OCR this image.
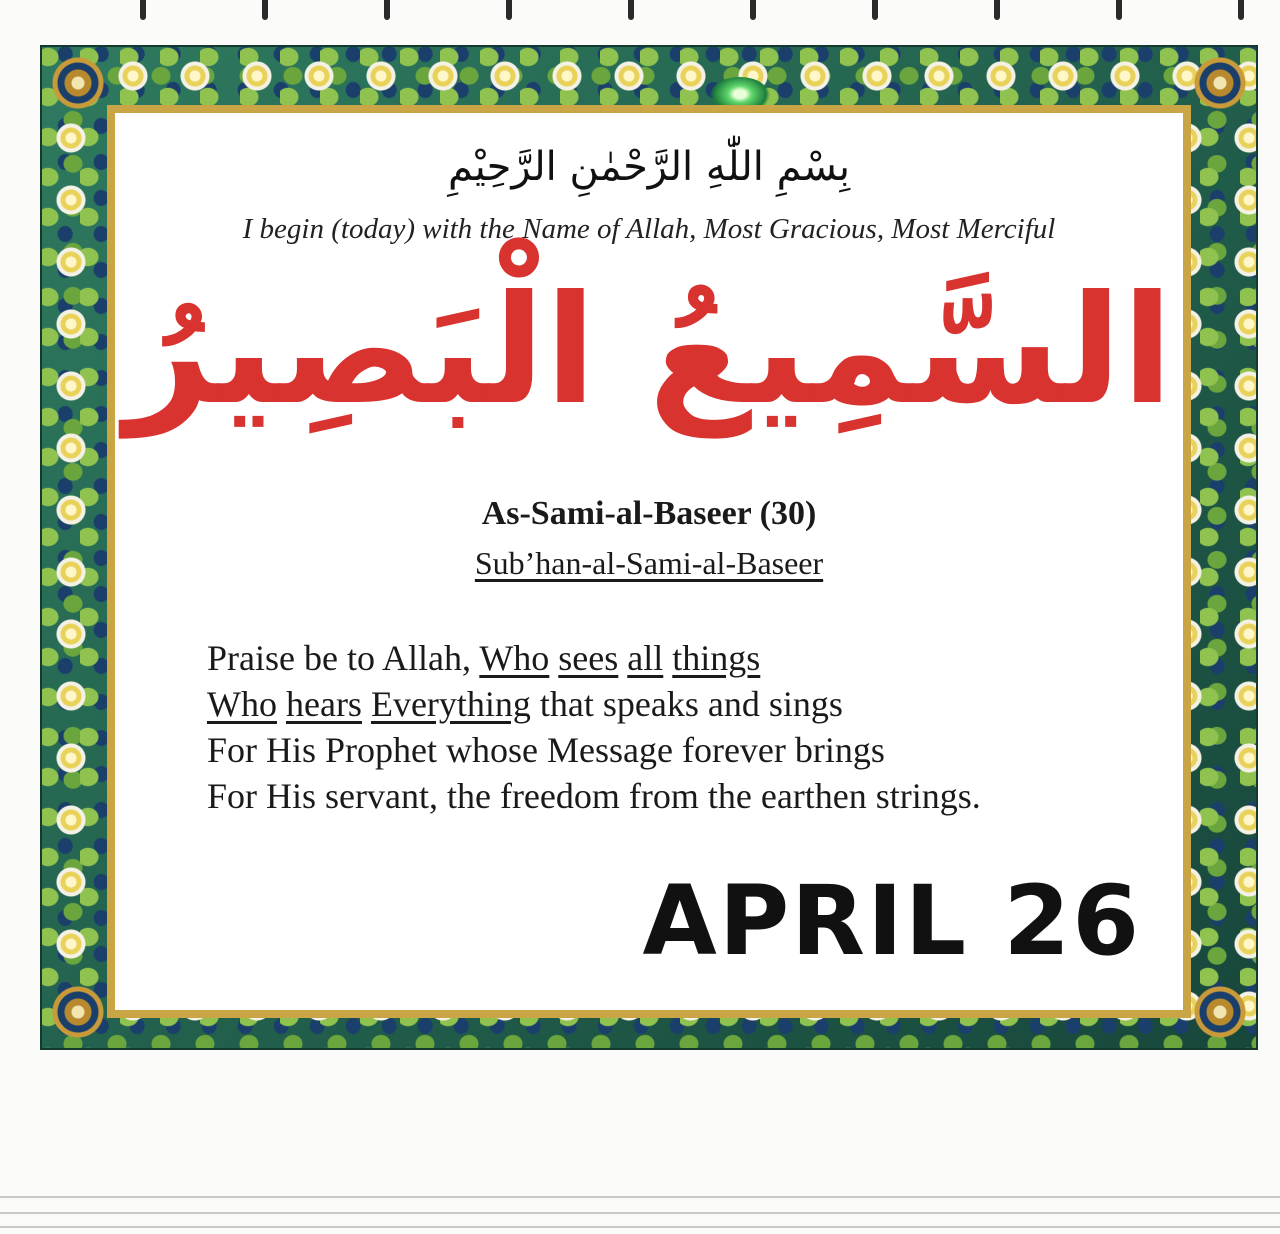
بِسْمِ اللّٰهِ الرَّحْمٰنِ الرَّحِيْمِ
I begin (today) with the Name of Allah, Most Gracious, Most Merciful
السَّمِيعُ الْبَصِيرُ
As-Sami-al-Baseer (30)
Sub’han-al-Sami-al-Baseer
Praise be to Allah, Who sees all things
Who hears Everything that speaks and sings
For His Prophet whose Message forever brings
For His servant, the freedom from the earthen strings.
APRIL 26
